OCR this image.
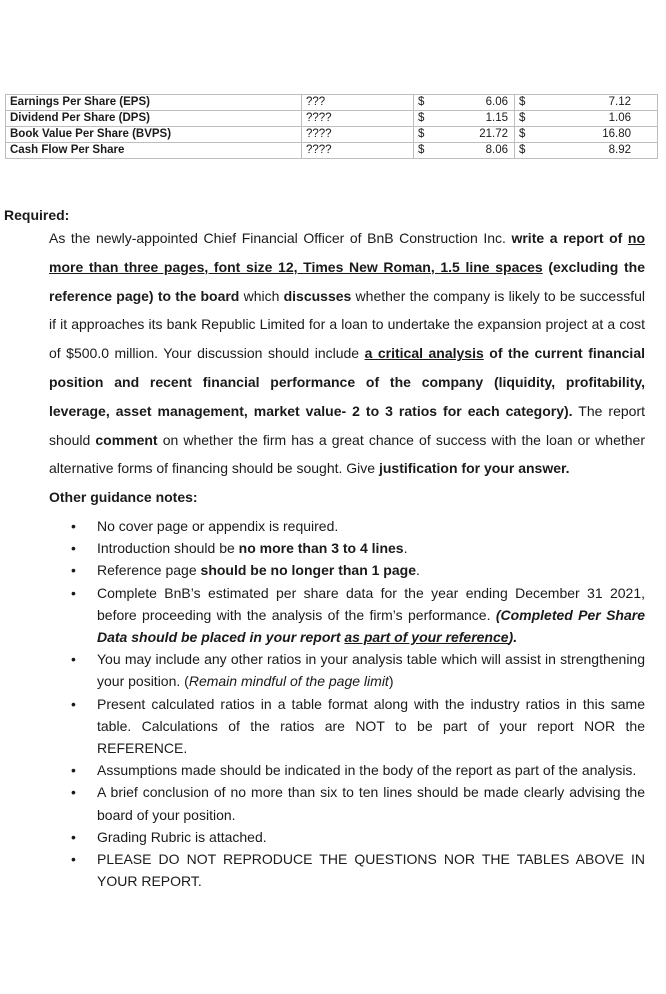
Earnings Per Share (EPS)	???	$	6.06	$	7.12
Dividend Per Share (DPS)	????	$	1.15	$	1.06
Book Value Per Share (BVPS)	????	$	21.72	$	16.80
Cash Flow Per Share	????	$	8.06	$	8.92
Required:
As the newly-appointed Chief Financial Officer of BnB Construction Inc. write a report of no more than three pages, font size 12, Times New Roman, 1.5 line spaces (excluding the reference page) to the board which discusses whether the company is likely to be successful if it approaches its bank Republic Limited for a loan to undertake the expansion project at a cost of $500.0 million. Your discussion should include a critical analysis of the current financial position and recent financial performance of the company (liquidity, profitability, leverage, asset management, market value- 2 to 3 ratios for each category). The report should comment on whether the firm has a great chance of success with the loan or whether alternative forms of financing should be sought. Give justification for your answer.
Other guidance notes:
• No cover page or appendix is required.
• Introduction should be no more than 3 to 4 lines.
• Reference page should be no longer than 1 page.
• Complete BnB’s estimated per share data for the year ending December 31 2021, before proceeding with the analysis of the firm’s performance. (Completed Per Share Data should be placed in your report as part of your reference).
• You may include any other ratios in your analysis table which will assist in strengthening your position. (Remain mindful of the page limit)
• Present calculated ratios in a table format along with the industry ratios in this same table. Calculations of the ratios are NOT to be part of your report NOR the REFERENCE.
• Assumptions made should be indicated in the body of the report as part of the analysis.
• A brief conclusion of no more than six to ten lines should be made clearly advising the board of your position.
• Grading Rubric is attached.
• PLEASE DO NOT REPRODUCE THE QUESTIONS NOR THE TABLES ABOVE IN YOUR REPORT.
